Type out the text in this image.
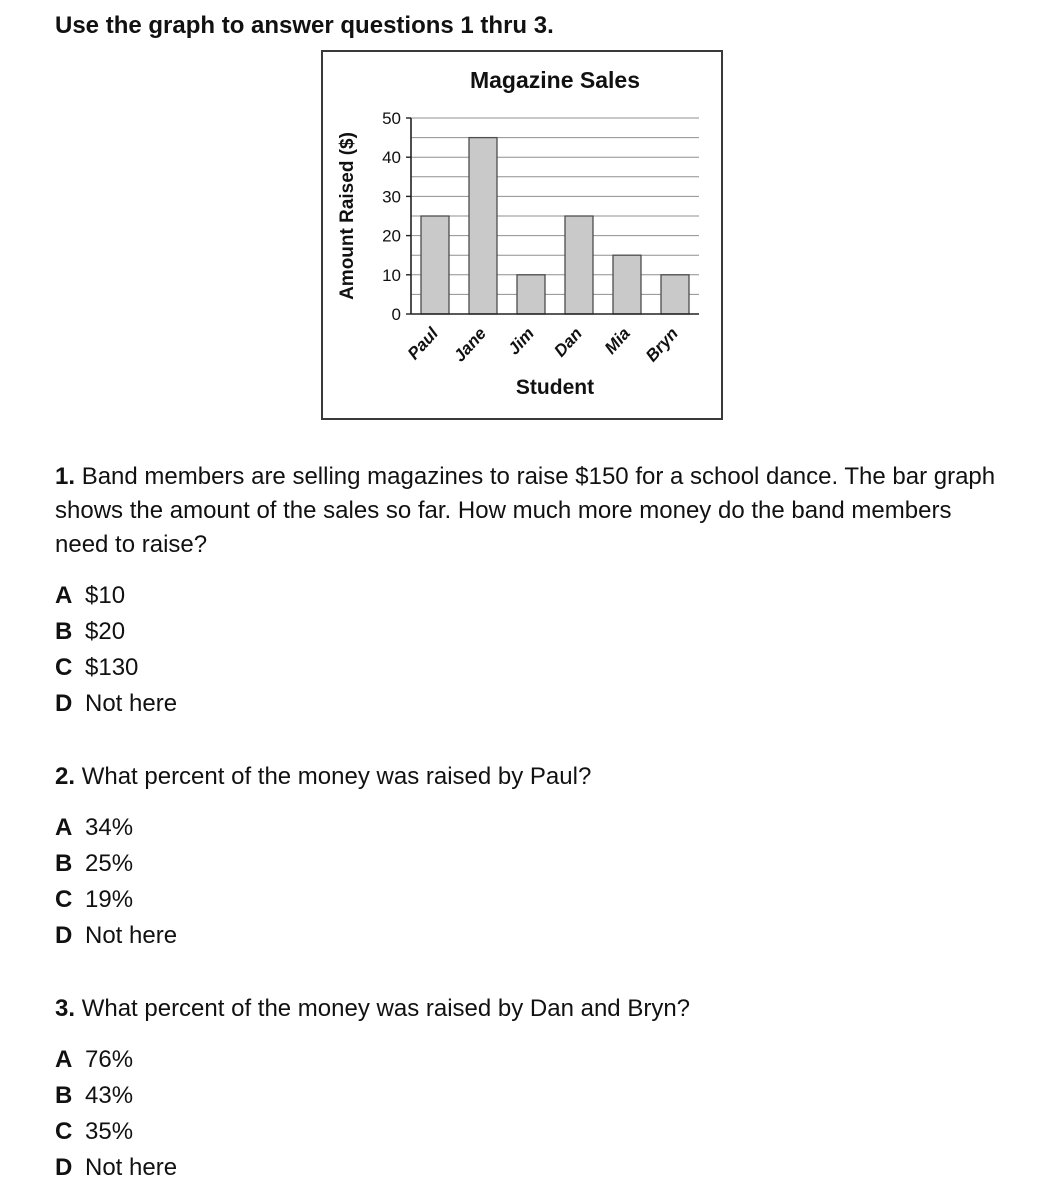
Use the graph to answer questions 1 thru 3.
0
10
20
30
40
50
Paul Jane Jim Dan Mia Bryn
Magazine Sales
Amount Raised ($)
Student
1. Band members are selling magazines to raise $150 for a school dance. The bar graph shows the amount of the sales so far. How much more money do the band members need to raise?
A $10
B $20
C $130
D Not here
2. What percent of the money was raised by Paul?
A 34%
B 25%
C 19%
D Not here
3. What percent of the money was raised by Dan and Bryn?
A 76%
B 43%
C 35%
D Not here
